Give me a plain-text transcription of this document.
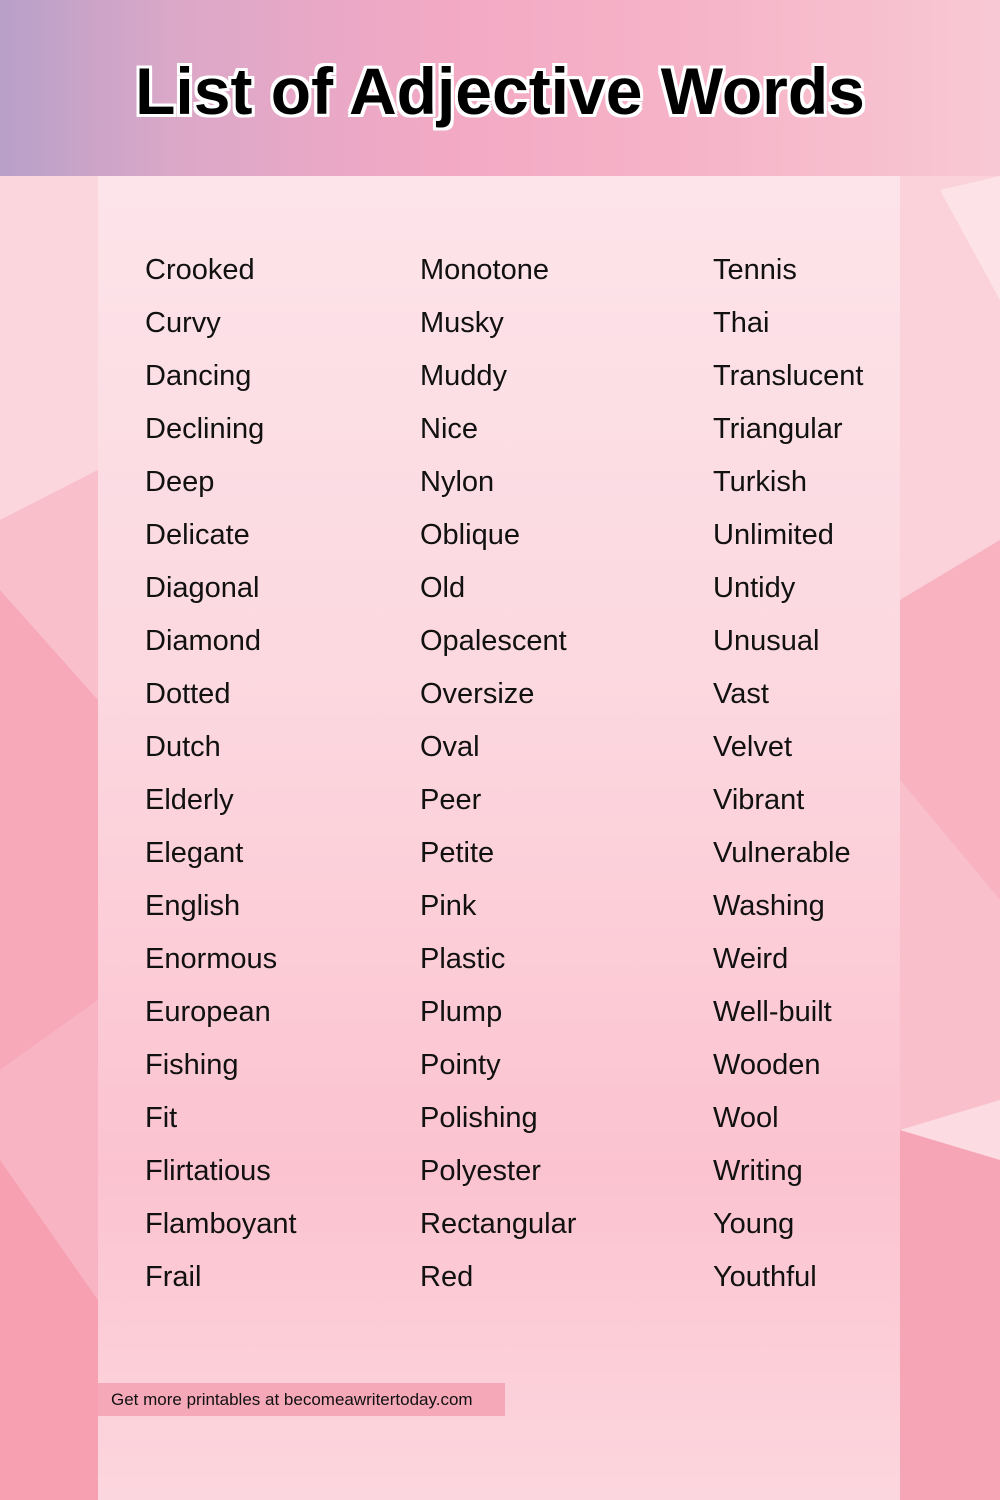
List of Adjective Words
Crooked
Curvy
Dancing
Declining
Deep
Delicate
Diagonal
Diamond
Dotted
Dutch
Elderly
Elegant
English
Enormous
European
Fishing
Fit
Flirtatious
Flamboyant
Frail
Monotone
Musky
Muddy
Nice
Nylon
Oblique
Old
Opalescent
Oversize
Oval
Peer
Petite
Pink
Plastic
Plump
Pointy
Polishing
Polyester
Rectangular
Red
Tennis
Thai
Translucent
Triangular
Turkish
Unlimited
Untidy
Unusual
Vast
Velvet
Vibrant
Vulnerable
Washing
Weird
Well-built
Wooden
Wool
Writing
Young
Youthful
Get more printables at becomeawritertoday.com
